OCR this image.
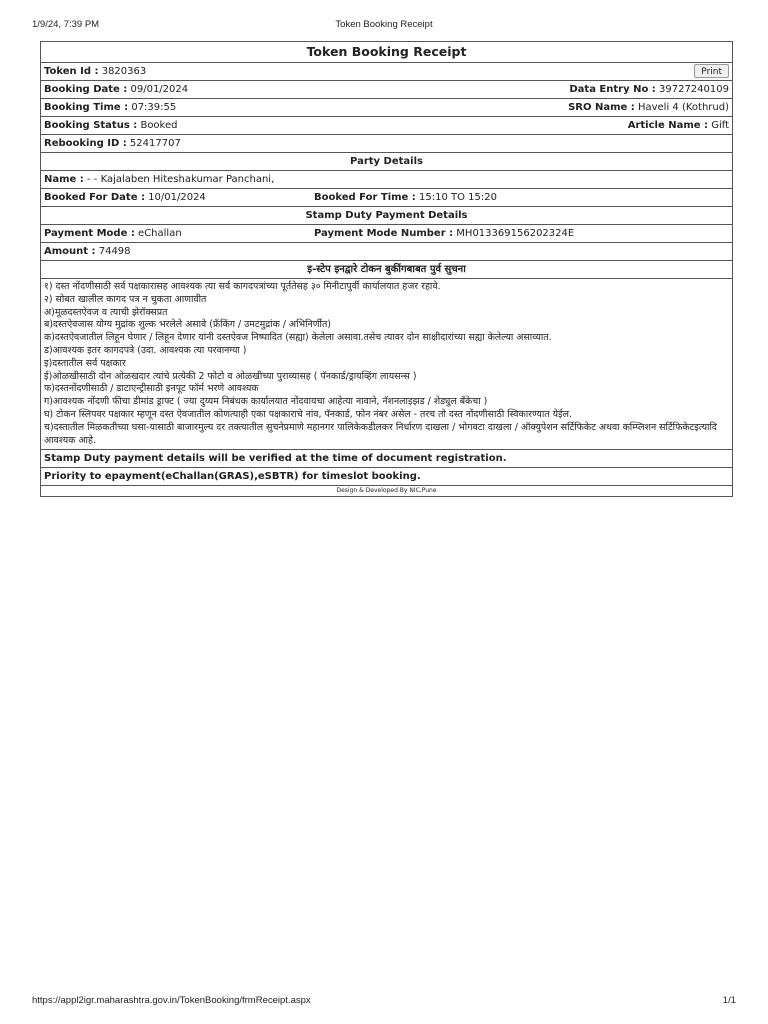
1/9/24, 7:39 PM	Token Booking Receipt
Token Booking Receipt
Token Id : 3820363	Print

Booking Date : 09/01/2024	Data Entry No : 39727240109

Booking Time : 07:39:55	SRO Name : Haveli 4 (Kothrud)

Booking Status : Booked	Article Name : Gift

Rebooking ID : 52417707
Party Details
Name : - - Kajalaben Hiteshakumar Panchani,

Booked For Date : 10/01/2024	Booked For Time : 15:10 TO 15:20

Stamp Duty Payment Details

Payment Mode : eChallan	Payment Mode Number : MH013369156202324E

Amount : 74498
इ-स्टेप इनद्वारे टोकन बुकींगबाबत पुर्व सुचना

१) दस्त नोंदणीसाठी सर्व पक्षकारासह आवश्यक त्या सर्व कागदपत्रांच्या पूर्ततेसह ३० मिनीटापुर्वी कार्यालयात हजर रहावे.
२) सोबत खालील कागद पत्र न चुकता आणावीत
अ)मूळदस्तऐवज व त्याची झेरॉक्सप्रत
ब)दस्तऐवजास योग्य मुद्रांक शुल्क भरलेले असावे (फ्रँकिंग / उमटमुद्रांक / अभिनिर्णीत)
क)दस्तऐवजातील लिहून घेणार / लिहून देणार यांनी दस्तऐवज निष्पादित (सह्या) केलेला असावा.तसेच त्यावर दोन साक्षीदारांच्या सह्या केलेल्या असाव्यात.
ड)आवश्यक इतर कागदपत्रे (उदा. आवश्यक त्या परवानग्या )
इ)दस्तातील सर्व पक्षकार
ई)ओळखीसाठी दोन ओळखदार त्यांचे प्रत्येकी 2 फोटो व ओळखीच्या पुराव्यासह ( पॅनकार्ड/ड्रायव्हिंग लायसन्स )
फ)दस्तनोंदणीसाठी / डाटाएन्ट्रीसाठी इनपूट फॉर्म भरणे आवश्यक
ग)आवश्यक नोंदणी फीचा डीमांड ड्राफ्ट ( ज्या दुय्यम निबंधक कार्यालयात नोंदवायचा आहेत्या नावाने, नॅशनलाइझड / शेड्युल बँकेचा )
घ) टोकन स्लिपवर पक्षकार म्हणून दस्त ऐवजातील कोणत्याही एका पक्षकाराचे नांव, पॅनकार्ड, फोन नंबर असेल - तरच तो दस्त नोंदणीसाठी स्विकारण्यात येईल.
च)दस्तातील मिळकतीच्या घसा-यासाठी बाजारमुल्य दर तक्त्यातील सुचनेप्रमाणे महानगर पालिकेकडीलकर निर्धारण दाखला / भोगवटा दाखला / ऑक्युपेशन सर्टिफिकेट अथवा कम्प्लिशन सर्टिफिकेटइत्यादि आवश्यक आहे.

Stamp Duty payment details will be verified at the time of document registration.
Priority to epayment(eChallan(GRAS),eSBTR) for timeslot booking.
Design & Developed By NIC,Pune
https://appl2igr.maharashtra.gov.in/TokenBooking/frmReceipt.aspx	1/1
